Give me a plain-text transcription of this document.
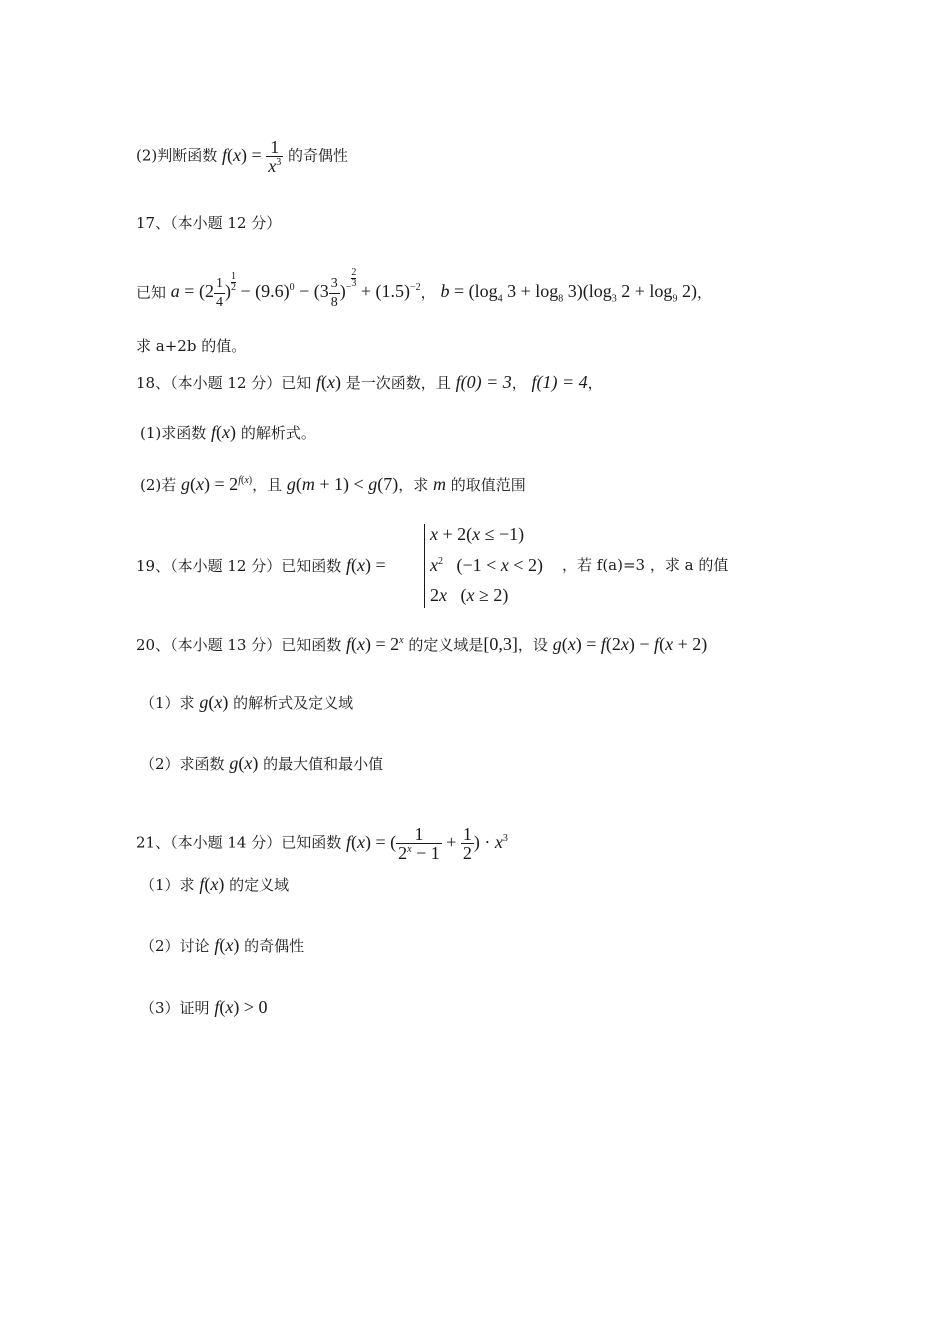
(2)判断函数 $f(x) = \frac{1}{x^3}$ 的奇偶性
17、（本小题 12 分）
已知 $a = (2 \frac{1}{4}$ ) $\frac{1}{2} - (9.6)^0 - (3 \frac{3}{8} )^{- \frac{2}{3}} + (1.5)^{-2}$， $b = (\log_4$ $3 + \log_8 3)(\log_3$ $2 + \log_9 2$)，
求 a+2b 的值。
18、（本小题 12 分）已知 f(x) 是一次函数，且 f(0) = 3， f(1) = 4，
(1)求函数 f(x) 的解析式。
(2)若 $g(x) = 2^{f(x)}$，且 g(m + 1) < g(7)，求 m 的取值范围
19、（本小题 12 分）已知函数 f(x) =
x + 2(x ≤ −1)
$x^2$   (−1 < x < 2)
2x   (x ≥ 2)
，若 f(a)=3 ，求 a 的值
20、（本小题 13 分）已知函数 $f(x) = 2^x$ 的定义域是[0,3]，设 g(x) = f(2x) − f(x + 2)
（1）求 g(x) 的解析式及定义域
（2）求函数 g(x) 的最大值和最小值
21、（本小题 14 分）已知函数 f(x) = ( $\frac{1}{2^x - 1} + \frac{1}{2}$ ) · $x^3$
（1）求 f(x) 的定义域
（2）讨论 f(x) 的奇偶性
（3）证明 f(x) > 0
